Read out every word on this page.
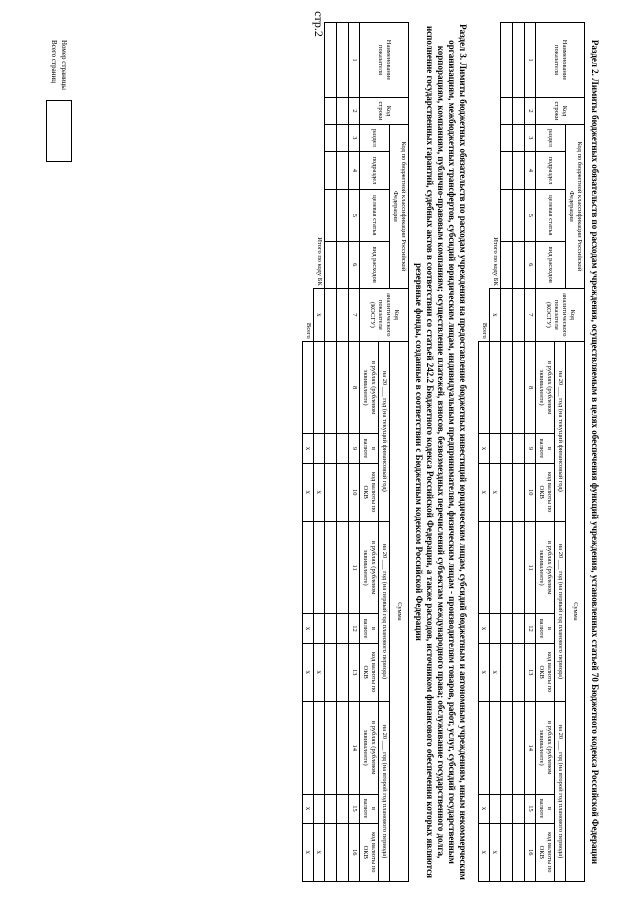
стр.2
Раздел 2. Лимиты бюджетных обязательств по расходам учреждения, осуществляемым в целях обеспечения функций учреждения, установленных статьей 70 Бюджетного кодекса Российской Федерации
Наименование показателя	Код строки	Код по бюджетной классификации Российской Федерации				Код аналитического показателя (КОСГУ)	Сумма								
		раздел	подраздел	целевая статья	вид расходов		на 20 ___ год (на текущий финансовый год)			на 20 ___ год (на первый год планового периода)			на 20 ___ год (на второй год планового периода)		
							в рублях (рублевом эквиваленте)	в валюте	код валюты по ОКВ	в рублях (рублевом эквиваленте)	в валюте	код валюты по ОКВ	в рублях (рублевом эквиваленте)	в валюте	код валюты по ОКВ

1	2	3	4	5	6	7	8	9	10	11	12	13	14	15	16

Итого по коду БК						х			х			х			х
Всего								х	х		х	х		х	х
Раздел 3. Лимиты бюджетных обязательств по расходам учреждения на предоставление бюджетных инвестиций юридическим лицам, субсидий бюджетным и автономным учреждениям, иным некоммерческим организациям, межбюджетных трансфертов, субсидий юридическим лицам, индивидуальным предпринимателям, физическим лицам - производителям товаров, работ, услуг, субсидий государственным корпорациям, компаниям, публично-правовым компаниям; осуществление платежей, взносов, безвозмездных перечислений субъектам международного права; обслуживание государственного долга, исполнение государственных гарантий, судебных актов в соответствии со статьей 242.2 Бюджетного кодекса Российской Федерации, а также расходов, источником финансового обеспечения которых являются резервные фонды, созданные в соответствии с Бюджетным кодексом Российской Федерации
Наименование показателя	Код строки	Код по бюджетной классификации Российской Федерации				Код аналитического показателя (КОСГУ)	Сумма								
		раздел	подраздел	целевая статья	вид расходов		на 20 ___ год (на текущий финансовый год)			на 20 ___ год (на первый год планового периода)			на 20 ___ год (на второй год планового периода)		
							в рублях (рублевом эквиваленте)	в валюте	код валюты по ОКВ	в рублях (рублевом эквиваленте)	в валюте	код валюты по ОКВ	в рублях (рублевом эквиваленте)	в валюте	код валюты по ОКВ

1	2	3	4	5	6	7	8	9	10	11	12	13	14	15	16

Итого по коду БК						х			х			х			х
Всего								х	х		х	х		х	х
Номер страницы
Всего страниц
